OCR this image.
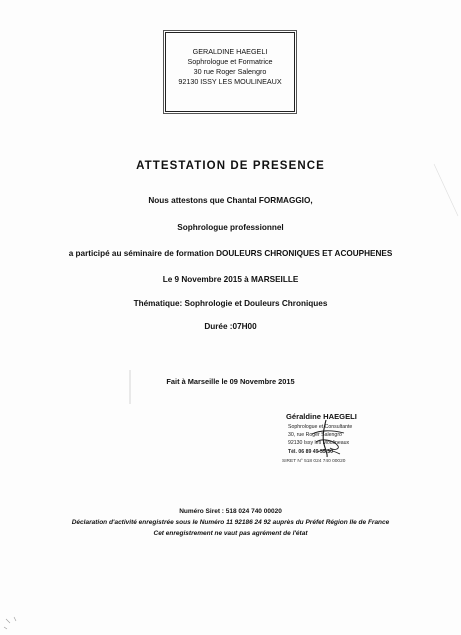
GERALDINE HAEGELI
Sophrologue et Formatrice
30 rue Roger Salengro
92130 ISSY LES MOULINEAUX
ATTESTATION DE PRESENCE
Nous attestons que Chantal FORMAGGIO,
Sophrologue professionnel
a participé au séminaire de formation DOULEURS CHRONIQUES ET ACOUPHENES
Le 9 Novembre 2015 à MARSEILLE
Thématique: Sophrologie et Douleurs Chroniques
Durée :07H00
Fait à Marseille le 09 Novembre 2015
Géraldine HAEGELI
Sophrologue et Consultante
30, rue Roger Salengro
92130 Issy les Moulineaux
Tél. 06 89 49 55 50
SIRET N° 518 024 740 00020
Numéro Siret : 518 024 740 00020
Déclaration d'activité enregistrée sous le Numéro 11 92186 24 92 auprès du Préfet Région Ile de France
Cet enregistrement ne vaut pas agrément de l'état
